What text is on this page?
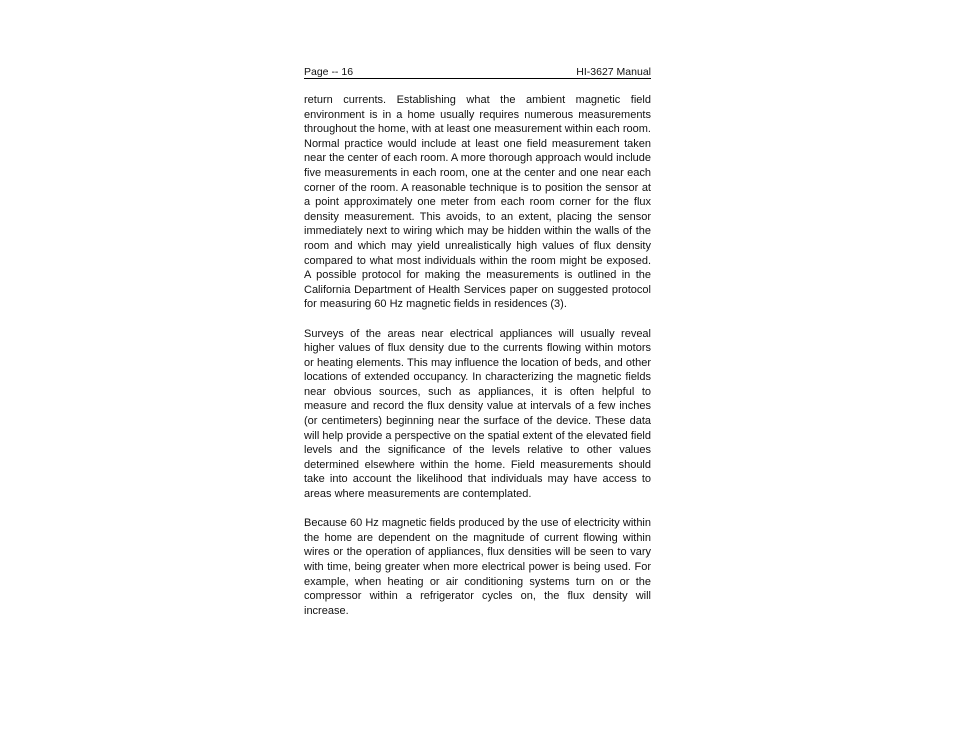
Page -- 16	HI-3627 Manual

return currents. Establishing what the ambient magnetic field environment is in a home usually requires numerous measurements throughout the home, with at least one measurement within each room. Normal practice would include at least one field measurement taken near the center of each room. A more thorough approach would include five measurements in each room, one at the center and one near each corner of the room. A reasonable technique is to position the sensor at a point approximately one meter from each room corner for the flux density measurement. This avoids, to an extent, placing the sensor immediately next to wiring which may be hidden within the walls of the room and which may yield unrealistically high values of flux density compared to what most individuals within the room might be exposed. A possible protocol for making the measurements is outlined in the California Department of Health Services paper on suggested protocol for measuring 60 Hz magnetic fields in residences (3).

Surveys of the areas near electrical appliances will usually reveal higher values of flux density due to the currents flowing within motors or heating elements. This may influence the location of beds, and other locations of extended occupancy. In characterizing the magnetic fields near obvious sources, such as appliances, it is often helpful to measure and record the flux density value at intervals of a few inches (or centimeters) beginning near the surface of the device. These data will help provide a perspective on the spatial extent of the elevated field levels and the significance of the levels relative to other values determined elsewhere within the home. Field measurements should take into account the likelihood that individuals may have access to areas where measurements are contemplated.

Because 60 Hz magnetic fields produced by the use of electricity within the home are dependent on the magnitude of current flowing within wires or the operation of appliances, flux densities will be seen to vary with time, being greater when more electrical power is being used. For example, when heating or air conditioning systems turn on or the compressor within a refrigerator cycles on, the flux density will increase.
